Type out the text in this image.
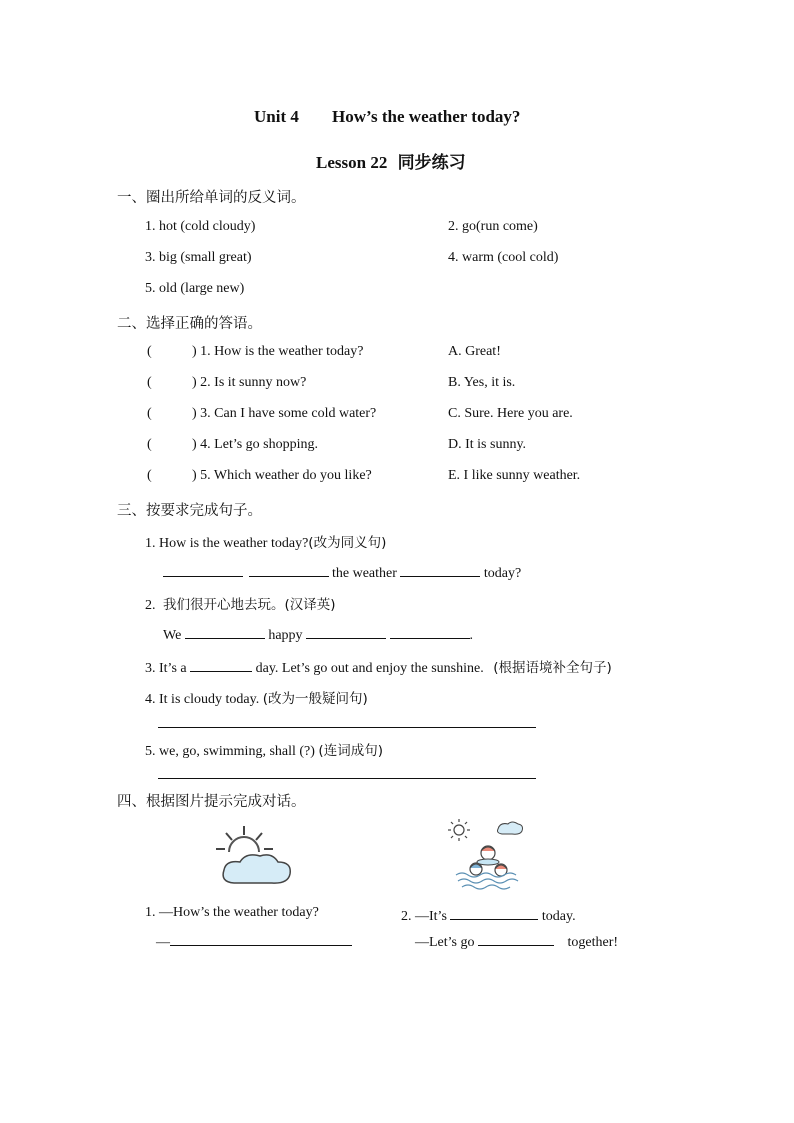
Unit 4 How’s the weather today?
Lesson 22 同步练习
一、圈出所给单词的反义词。
1. hot (cold cloudy)	2. go(run come)
3. big (small great)	4. warm (cool cold)
5. old (large new)
二、选择正确的答语。
(	) 1. How is the weather today?	A. Great!
(	) 2. Is it sunny now?	B. Yes, it is.
(	) 3. Can I have some cold water?	C. Sure. Here you are.
(	) 4. Let’s go shopping.	D. It is sunny.
(	) 5. Which weather do you like?	E. I like sunny weather.
三、按要求完成句子。
1. How is the weather today?(改为同义句)
the weather	today?
2. 我们很开心地去玩。(汉译英)
We	happy	.
3. It’s a	day. Let’s go out and enjoy the sunshine. (根据语境补全句子)
4. It is cloudy today. (改为一般疑问句)
5. we, go, swimming, shall (?) (连词成句)
四、根据图片提示完成对话。
1. —How’s the weather today?
—
2. —It’s	today.
—Let’s go	together!
